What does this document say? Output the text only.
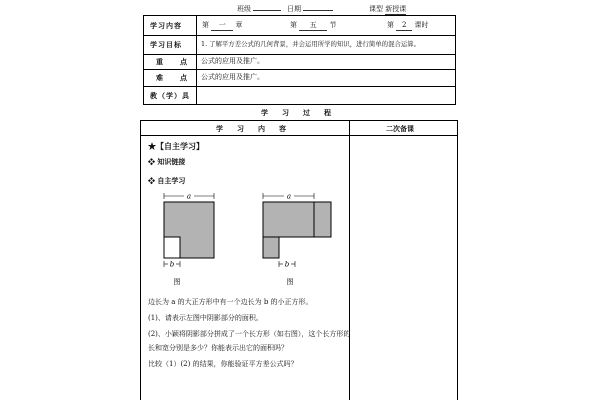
班级	日期	课型 新授课
学习内容	第 一 章	第 五 节	第 2 课时
学习目标	1. 了解平方差公式的几何背景，并会运用所学的知识，进行简单的混合运算。
重　　点 公式的应用及推广。
难　　点 公式的应用及推广。
教（学）具
学　　习　　过　　程
学　　习　　内　　容	二次备课
★【自主学习】
❖ 知识链接
❖ 自主学习
a
b
图
a
b
图
边长为 a 的大正方形中有一个边长为 b 的小正方形。
(1)、请表示左图中阴影部分的面积。
(2)、小颖将阴影部分拼成了一个长方形（如右图），这个长方形的
长和宽分别是多少？你能表示出它的面积吗？
比较（1）(2) 的结果，你能验证平方差公式吗？
